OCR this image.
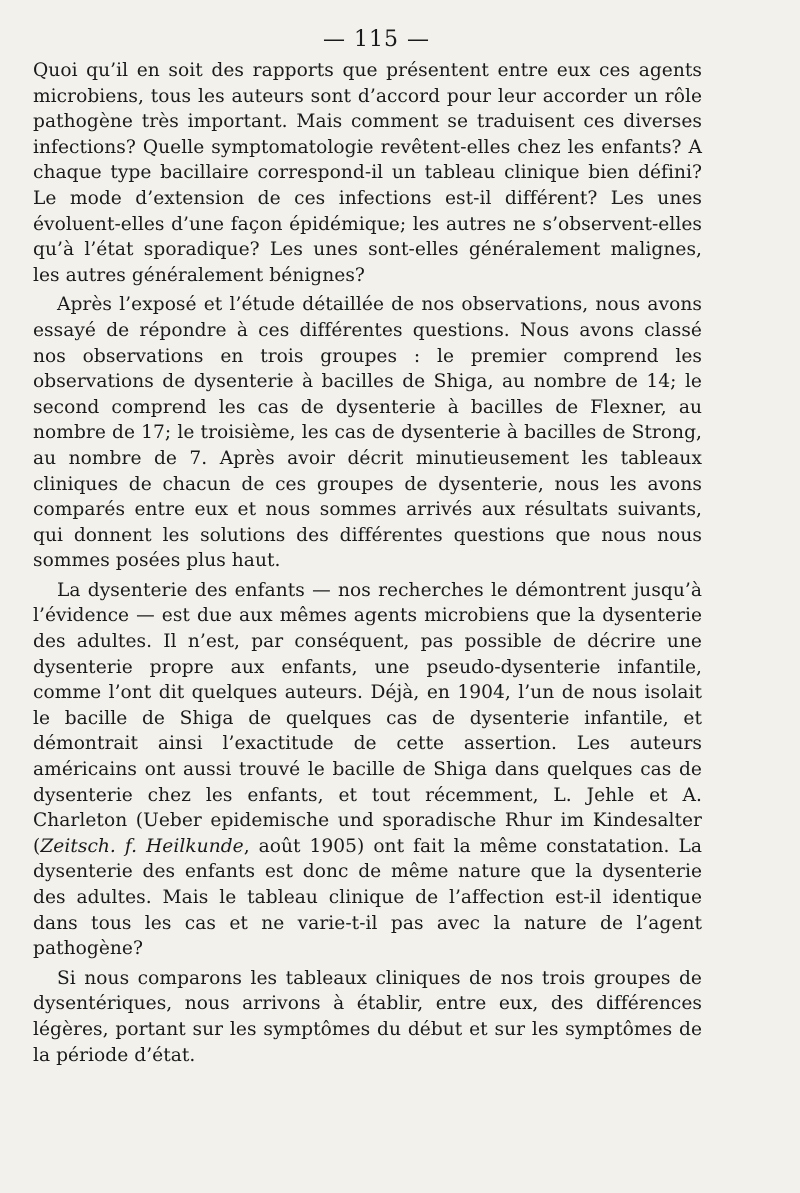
— 115 —

Quoi qu’il en soit des rapports que présentent entre eux ces agents microbiens, tous les auteurs sont d’accord pour leur accorder un rôle pathogène très important. Mais comment se traduisent ces diverses infections? Quelle symptomatologie revêtent-elles chez les enfants? A chaque type bacillaire correspond-il un tableau clinique bien défini? Le mode d’extension de ces infections est-il différent? Les unes évoluent-elles d’une façon épidémique; les autres ne s’observent-elles qu’à l’état sporadique? Les unes sont-elles généralement malignes, les autres généralement bénignes?

Après l’exposé et l’étude détaillée de nos observations, nous avons essayé de répondre à ces différentes questions. Nous avons classé nos observations en trois groupes : le premier comprend les observations de dysenterie à bacilles de Shiga, au nombre de 14; le second comprend les cas de dysenterie à bacilles de Flexner, au nombre de 17; le troisième, les cas de dysenterie à bacilles de Strong, au nombre de 7. Après avoir décrit minutieusement les tableaux cliniques de chacun de ces groupes de dysenterie, nous les avons comparés entre eux et nous sommes arrivés aux résultats suivants, qui donnent les solutions des différentes questions que nous nous sommes posées plus haut.

La dysenterie des enfants — nos recherches le démontrent jusqu’à l’évidence — est due aux mêmes agents microbiens que la dysenterie des adultes. Il n’est, par conséquent, pas possible de décrire une dysenterie propre aux enfants, une pseudo-dysenterie infantile, comme l’ont dit quelques auteurs. Déjà, en 1904, l’un de nous isolait le bacille de Shiga de quelques cas de dysenterie infantile, et démontrait ainsi l’exactitude de cette assertion. Les auteurs américains ont aussi trouvé le bacille de Shiga dans quelques cas de dysenterie chez les enfants, et tout récemment, L. Jehle et A. Charleton (Ueber epidemische und sporadische Rhur im Kindesalter (Zeitsch. f. Heilkunde, août 1905) ont fait la même constatation. La dysenterie des enfants est donc de même nature que la dysenterie des adultes. Mais le tableau clinique de l’affection est-il identique dans tous les cas et ne varie-t-il pas avec la nature de l’agent pathogène?

Si nous comparons les tableaux cliniques de nos trois groupes de dysentériques, nous arrivons à établir, entre eux, des différences légères, portant sur les symptômes du début et sur les symptômes de la période d’état.
